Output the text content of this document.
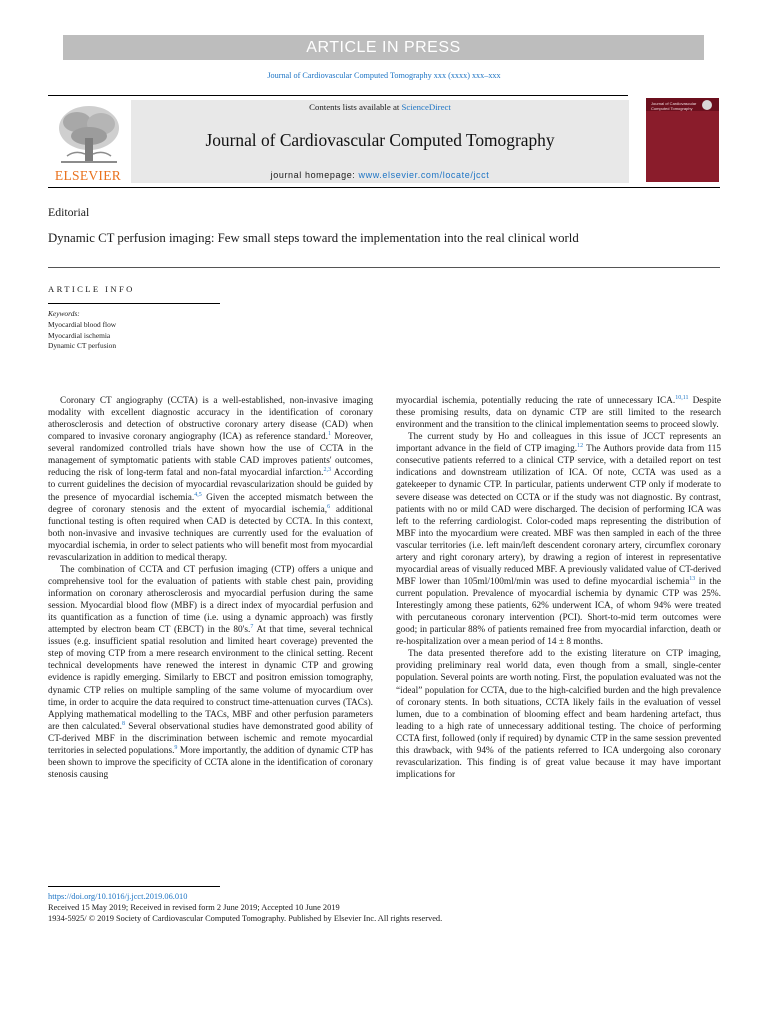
ARTICLE IN PRESS
Journal of Cardiovascular Computed Tomography xxx (xxxx) xxx–xxx
ELSEVIER
Contents lists available at ScienceDirect
Journal of Cardiovascular Computed Tomography
journal homepage: www.elsevier.com/locate/jcct
Journal of Cardiovascular Computed Tomography
Editorial
Dynamic CT perfusion imaging: Few small steps toward the implementation into the real clinical world
ARTICLE INFO
Keywords:
Myocardial blood flow
Myocardial ischemia
Dynamic CT perfusion

Coronary CT angiography (CCTA) is a well-established, non-invasive imaging modality with excellent diagnostic accuracy in the identification of coronary atherosclerosis and detection of obstructive coronary artery disease (CAD) when compared to invasive coronary angiography (ICA) as reference standard.$^1$ Moreover, several randomized controlled trials have shown how the use of CCTA in the management of symptomatic patients with stable CAD improves patients' outcomes, reducing the risk of long-term fatal and non-fatal myocardial infarction.$^{2,3}$ According to current guidelines the decision of myocardial revascularization should be guided by the presence of myocardial ischemia.$^{4,5}$ Given the accepted mismatch between the degree of coronary stenosis and the extent of myocardial ischemia,$^6$ additional functional testing is often required when CAD is detected by CCTA. In this context, both non-invasive and invasive techniques are currently used for the evaluation of myocardial ischemia, in order to select patients who will benefit most from myocardial revascularization in addition to medical therapy.

The combination of CCTA and CT perfusion imaging (CTP) offers a unique and comprehensive tool for the evaluation of patients with stable chest pain, providing information on coronary atherosclerosis and myocardial perfusion during the same session. Myocardial blood flow (MBF) is a direct index of myocardial perfusion and its quantification as a function of time (i.e. using a dynamic approach) was firstly attempted by electron beam CT (EBCT) in the 80's.$^7$ At that time, several technical issues (e.g. insufficient spatial resolution and limited heart coverage) prevented the step of moving CTP from a mere research environment to the clinical setting. Recent technical developments have renewed the interest in dynamic CTP and growing evidence is rapidly emerging. Similarly to EBCT and positron emission tomography, dynamic CTP relies on multiple sampling of the same volume of myocardium over time, in order to acquire the data required to construct time-attenuation curves (TACs). Applying mathematical modelling to the TACs, MBF and other perfusion parameters are then calculated.$^8$ Several observational studies have demonstrated good ability of CT-derived MBF in the discrimination between ischemic and remote myocardial territories in selected populations.$^9$ More importantly, the addition of dynamic CTP has been shown to improve the specificity of CCTA alone in the identification of coronary stenosis causing

myocardial ischemia, potentially reducing the rate of unnecessary ICA.$^{10,11}$ Despite these promising results, data on dynamic CTP are still limited to the research environment and the transition to the clinical implementation seems to proceed slowly.

The current study by Ho and colleagues in this issue of JCCT represents an important advance in the field of CTP imaging.$^{12}$ The Authors provide data from 115 consecutive patients referred to a clinical CTP service, with a detailed report on test indications and downstream utilization of ICA. Of note, CCTA was used as a gatekeeper to dynamic CTP. In particular, patients underwent CTP only if moderate to severe disease was detected on CCTA or if the study was not diagnostic. By contrast, patients with no or mild CAD were discharged. The decision of performing ICA was left to the referring cardiologist. Color-coded maps representing the distribution of MBF into the myocardium were created. MBF was then sampled in each of the three vascular territories (i.e. left main/left descendent coronary artery, circumflex coronary artery and right coronary artery), by drawing a region of interest in representative myocardial areas of visually reduced MBF. A previously validated value of CT-derived MBF lower than 105ml/100ml/min was used to define myocardial ischemia$^{13}$ in the current population. Prevalence of myocardial ischemia by dynamic CTP was 25%. Interestingly among these patients, 62% underwent ICA, of whom 94% were treated with percutaneous coronary intervention (PCI). Short-to-mid term outcomes were good; in particular 88% of patients remained free from myocardial infarction, death or re-hospitalization over a mean period of 14 ± 8 months.

The data presented therefore add to the existing literature on CTP imaging, providing preliminary real world data, even though from a small, single-center population. Several points are worth noting. First, the population evaluated was not the “ideal” population for CCTA, due to the high-calcified burden and the high prevalence of coronary stents. In both situations, CCTA likely fails in the evaluation of vessel lumen, due to a combination of blooming effect and beam hardening artefact, thus leading to a high rate of unnecessary additional testing. The choice of performing CCTA first, followed (only if required) by dynamic CTP in the same session prevented this drawback, with 94% of the patients referred to ICA undergoing also coronary revascularization. This finding is of great value because it may have important implications for

https://doi.org/10.1016/j.jcct.2019.06.010
Received 15 May 2019; Received in revised form 2 June 2019; Accepted 10 June 2019
1934-5925/ © 2019 Society of Cardiovascular Computed Tomography. Published by Elsevier Inc. All rights reserved.
